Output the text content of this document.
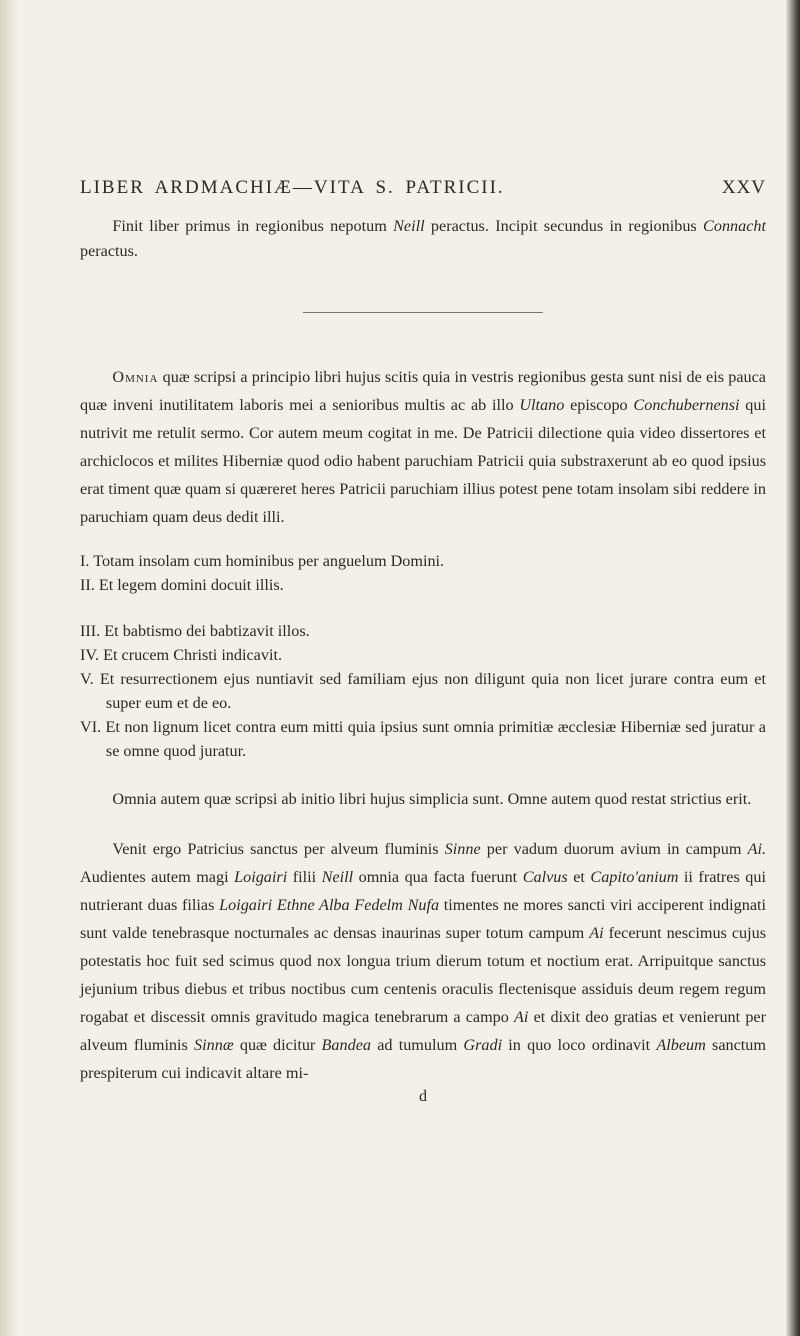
LIBER ARDMACHIÆ—VITA S. PATRICII.	XXV

Finit liber primus in regionibus nepotum Neill peractus. Incipit secundus in regionibus Connacht peractus.

Omnia quæ scripsi a principio libri hujus scitis quia in vestris regionibus gesta sunt nisi de eis pauca quæ inveni inutilitatem laboris mei a senioribus multis ac ab illo Ultano episcopo Conchubernensi qui nutrivit me retulit sermo. Cor autem meum cogitat in me. De Patricii dilectione quia video dissertores et archiclocos et milites Hiberniæ quod odio habent paruchiam Patricii quia substraxerunt ab eo quod ipsius erat timent quæ quam si quæreret heres Patricii paruchiam illius potest pene totam insolam sibi reddere in paruchiam quam deus dedit illi.

I. Totam insolam cum hominibus per anguelum Domini.

II. Et legem domini docuit illis.

III. Et babtismo dei babtizavit illos.

IV. Et crucem Christi indicavit.

V. Et resurrectionem ejus nuntiavit sed familiam ejus non diligunt quia non licet jurare contra eum et super eum et de eo.

VI. Et non lignum licet contra eum mitti quia ipsius sunt omnia primitiæ æcclesiæ Hiberniæ sed juratur a se omne quod juratur.

Omnia autem quæ scripsi ab initio libri hujus simplicia sunt. Omne autem quod restat strictius erit.

Venit ergo Patricius sanctus per alveum fluminis Sinne per vadum duorum avium in campum Ai. Audientes autem magi Loigairi filii Neill omnia qua facta fuerunt Calvus et Capito'anium ii fratres qui nutrierant duas filias Loigairi Ethne Alba Fedelm Nufa timentes ne mores sancti viri acciperent indignati sunt valde tenebrasque nocturnales ac densas inaurinas super totum campum Ai fecerunt nescimus cujus potestatis hoc fuit sed scimus quod nox longua trium dierum totum et noctium erat. Arripuitque sanctus jejunium tribus diebus et tribus noctibus cum centenis oraculis flectenisque assiduis deum regem regum rogabat et discessit omnis gravitudo magica tenebrarum a campo Ai et dixit deo gratias et venierunt per alveum fluminis Sinnæ quæ dicitur Bandea ad tumulum Gradi in quo loco ordinavit Albeum sanctum prespiterum cui indicavit altare mi-

d
